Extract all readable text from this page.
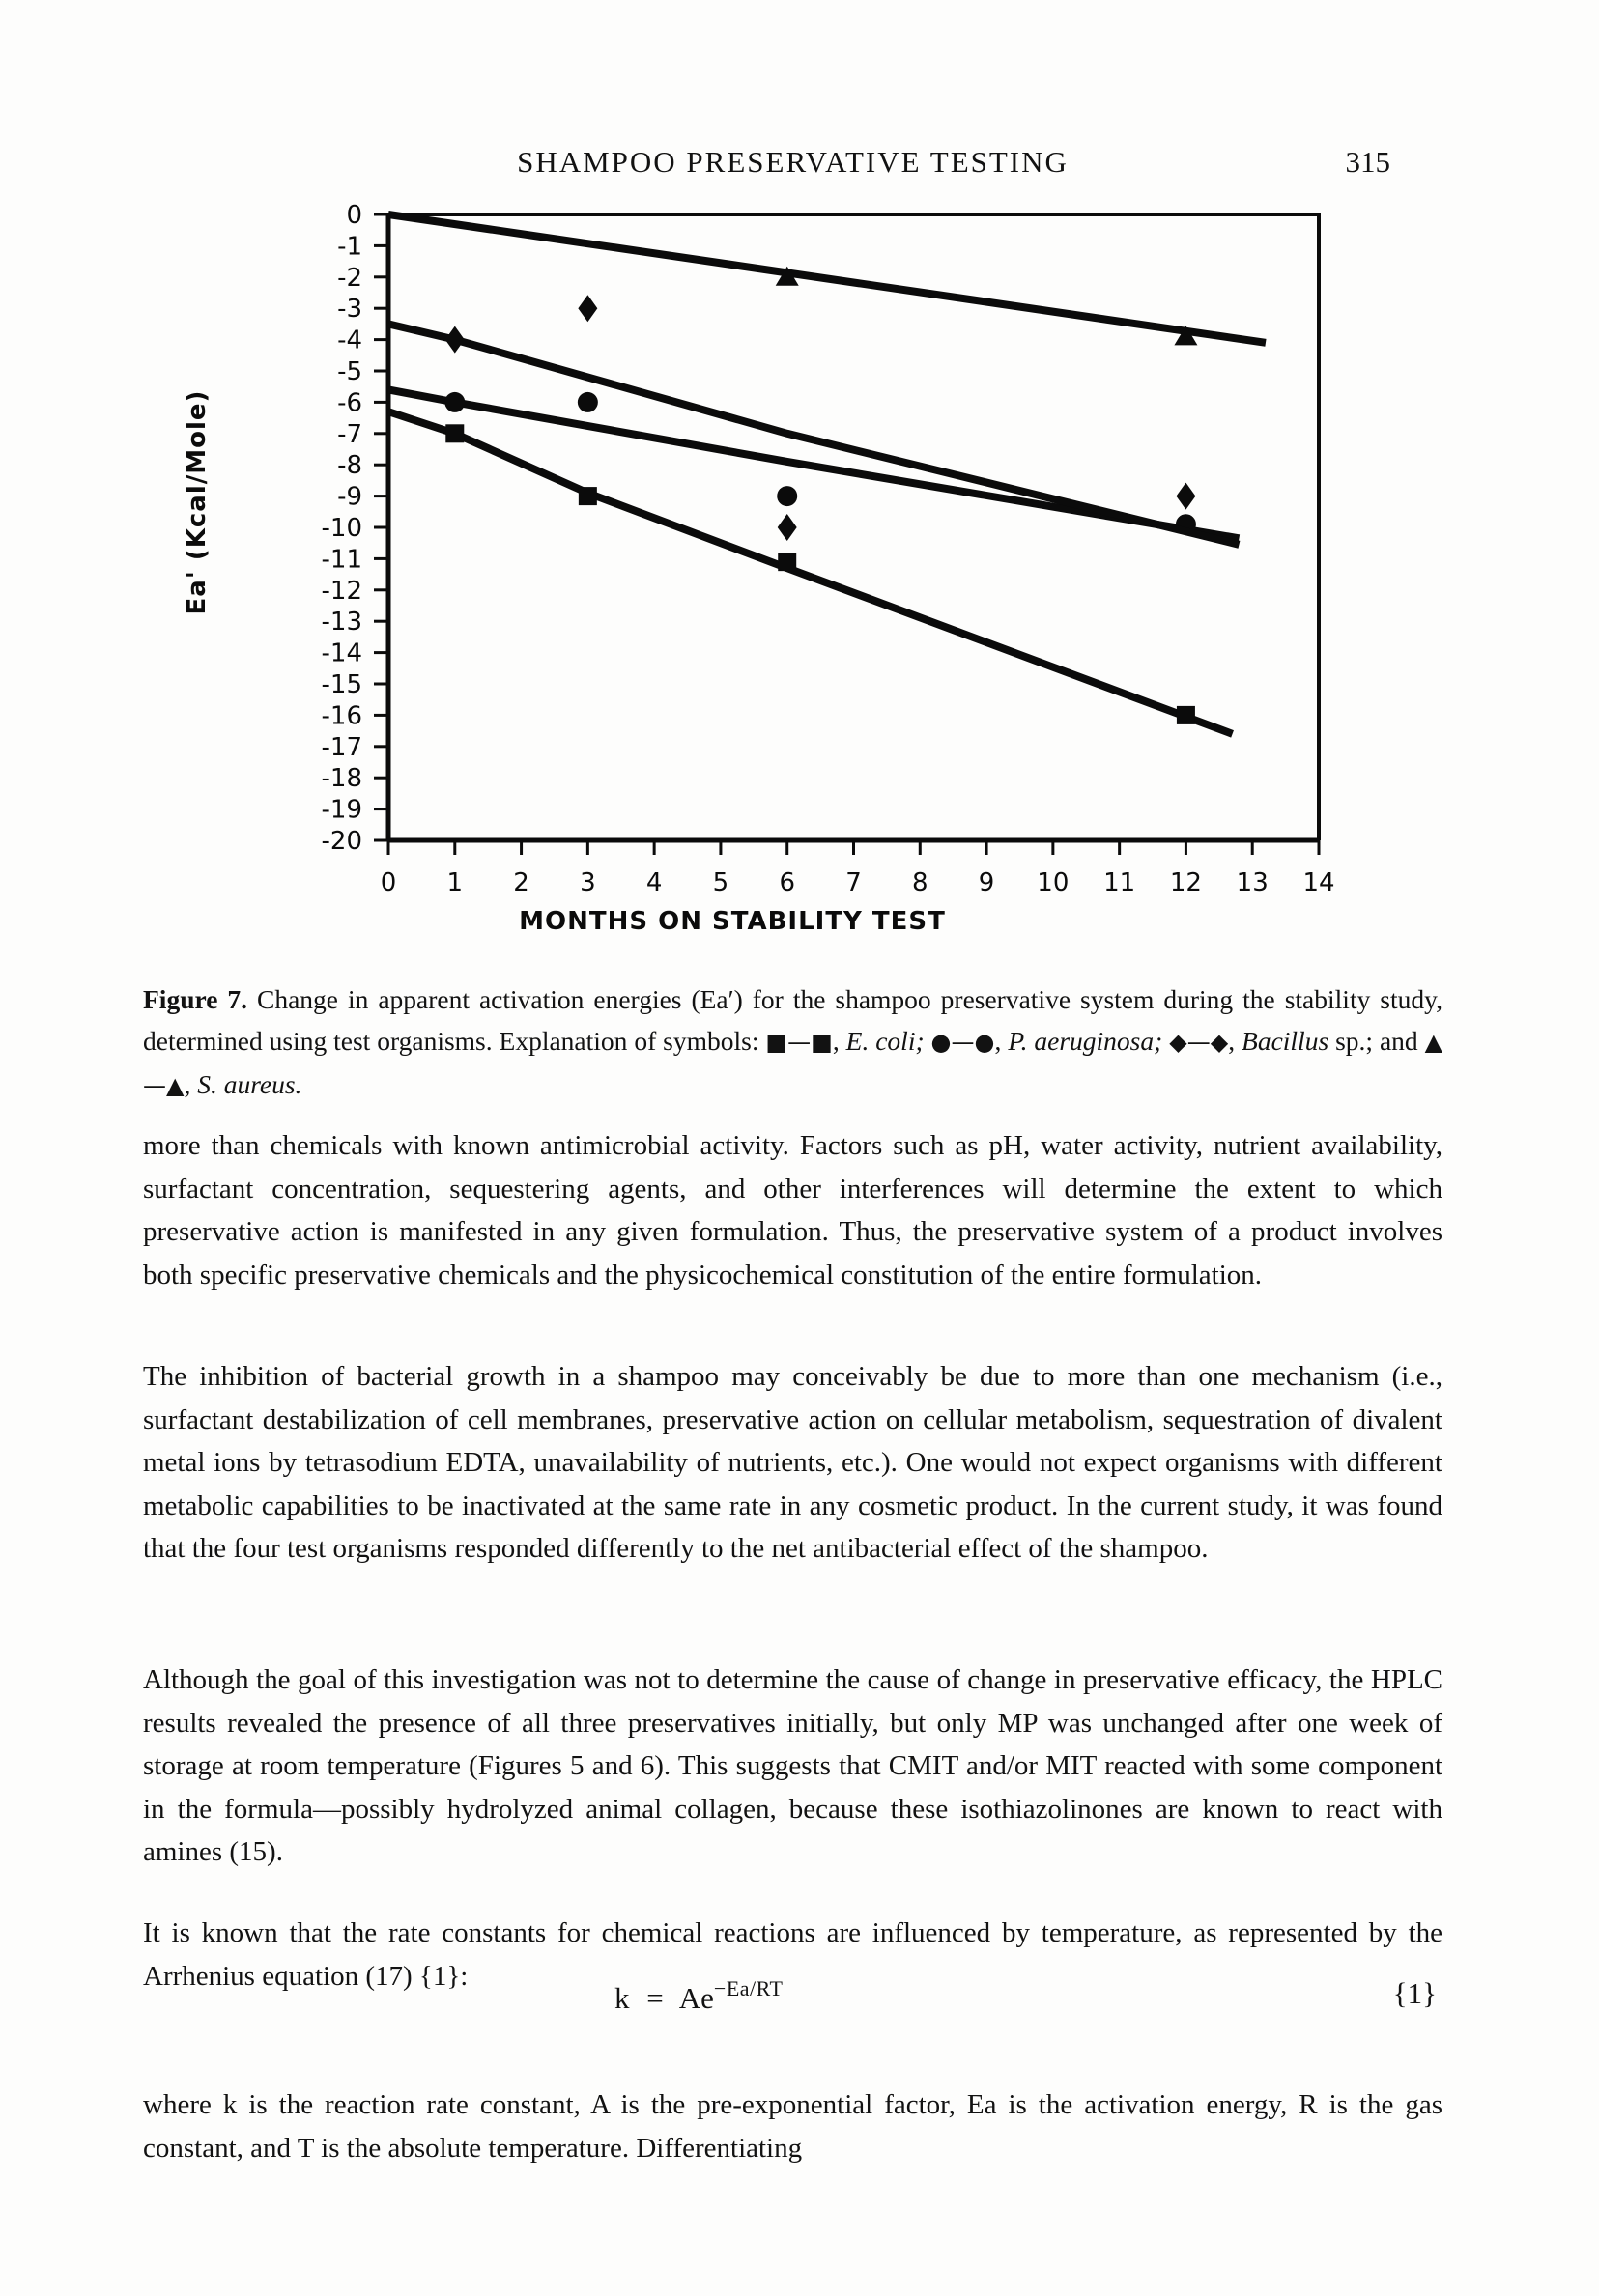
SHAMPOO PRESERVATIVE TESTING	315
0
-1
-2
-3
-4
-5
-6
-7
-8
-9
-10
-11
-12
-13
-14
-15
-16
-17
-18
-19
-20
0 1 2 3 4 5 6 7 8 9 10 11 12 13 14
Ea' (Kcal/Mole)
MONTHS ON STABILITY TEST

Figure 7. Change in apparent activation energies (Ea′) for the shampoo preservative system during the stability study, determined using test organisms. Explanation of symbols: ■—■, E. coli; ●—●, P. aeruginosa; ◆—◆, Bacillus sp.; and ▲—▲, S. aureus.

more than chemicals with known antimicrobial activity. Factors such as pH, water activity, nutrient availability, surfactant concentration, sequestering agents, and other interferences will determine the extent to which preservative action is manifested in any given formulation. Thus, the preservative system of a product involves both specific preservative chemicals and the physicochemical constitution of the entire formulation.

The inhibition of bacterial growth in a shampoo may conceivably be due to more than one mechanism (i.e., surfactant destabilization of cell membranes, preservative action on cellular metabolism, sequestration of divalent metal ions by tetrasodium EDTA, unavailability of nutrients, etc.). One would not expect organisms with different metabolic capabilities to be inactivated at the same rate in any cosmetic product. In the current study, it was found that the four test organisms responded differently to the net antibacterial effect of the shampoo.

Although the goal of this investigation was not to determine the cause of change in preservative efficacy, the HPLC results revealed the presence of all three preservatives initially, but only MP was unchanged after one week of storage at room temperature (Figures 5 and 6). This suggests that CMIT and/or MIT reacted with some component in the formula—possibly hydrolyzed animal collagen, because these isothiazolinones are known to react with amines (15).

It is known that the rate constants for chemical reactions are influenced by temperature, as represented by the Arrhenius equation (17) {1}:

$k = Ae^{-Ea/RT}$	{1}

where k is the reaction rate constant, A is the pre-exponential factor, Ea is the activation energy, R is the gas constant, and T is the absolute temperature. Differentiating
